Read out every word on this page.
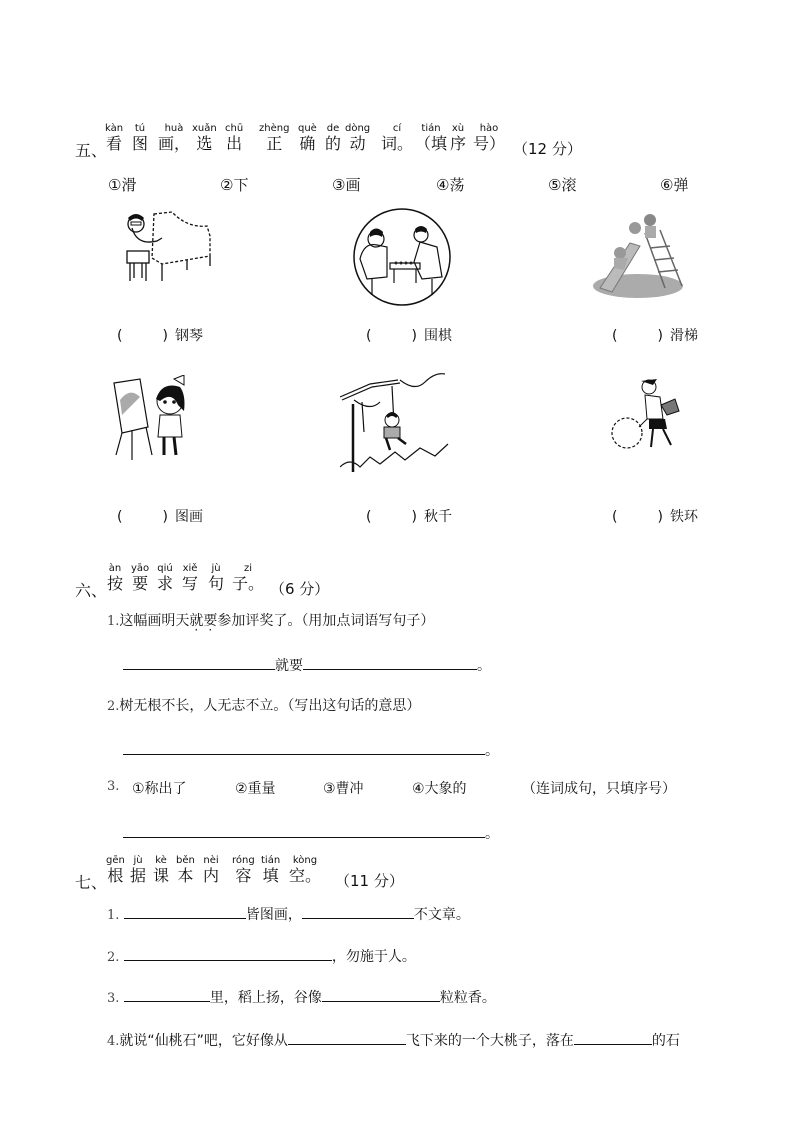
五、
kàn
看
tú
图
huà
画，
xuǎn
选
chū
出
zhèng
正
què
确
de
的
dòng
动
cí
词。
tián
（填
xù
序
hào
号） （12 分）
①滑	②下	③画	④荡	⑤滚	⑥弹
(         ) 钢琴	(         ) 围棋	(         ) 滑梯
(         ) 图画	(         ) 秋千	(         ) 铁环
六、
àn
按
yāo
要
qiú
求
xiě
写
jù
句
zi
子。 （6 分）
1.这幅画明天就要参加评奖了。（用加点词语写句子）
就要	。
2.树无根不长，人无志不立。（写出这句话的意思）
。
3. ①称出了	②重量	③曹冲	④大象的	（连词成句，只填序号）
。
七、
gēn
根
jù
据
kè
课
běn
本
nèi
内
róng
容
tián
填
kòng
空。 （11 分）
1.	皆图画，	不文章。
2.	，勿施于人。
3.	里，稻上扬，谷像	粒粒香。
4.就说“仙桃石”吧，它好像从	飞下来的一个大桃子，落在	的石
